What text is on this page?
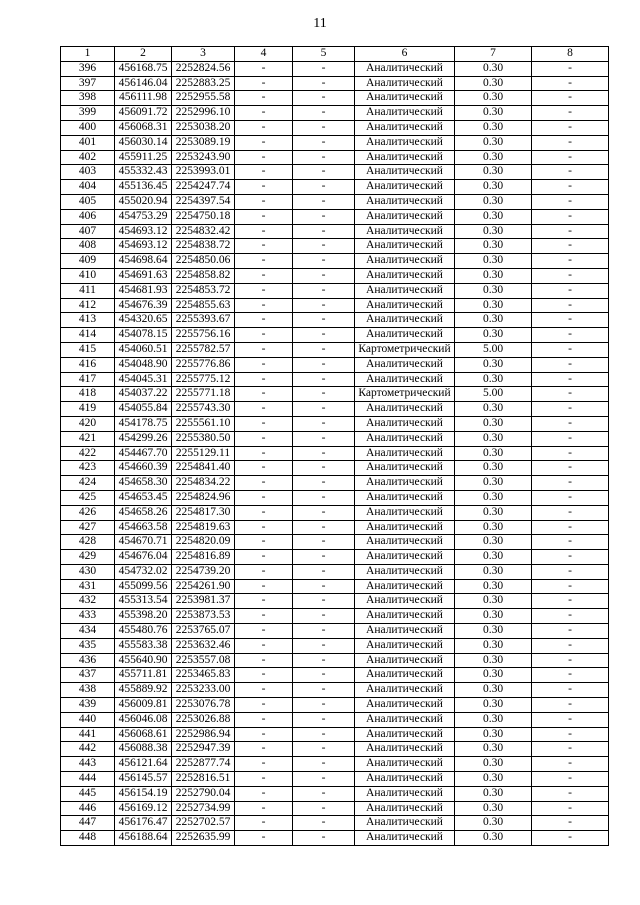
11
1	2	3	4	5	6	7	8
396	456168.75	2252824.56	-	-	Аналитический	0.30	-
397	456146.04	2252883.25	-	-	Аналитический	0.30	-
398	456111.98	2252955.58	-	-	Аналитический	0.30	-
399	456091.72	2252996.10	-	-	Аналитический	0.30	-
400	456068.31	2253038.20	-	-	Аналитический	0.30	-
401	456030.14	2253089.19	-	-	Аналитический	0.30	-
402	455911.25	2253243.90	-	-	Аналитический	0.30	-
403	455332.43	2253993.01	-	-	Аналитический	0.30	-
404	455136.45	2254247.74	-	-	Аналитический	0.30	-
405	455020.94	2254397.54	-	-	Аналитический	0.30	-
406	454753.29	2254750.18	-	-	Аналитический	0.30	-
407	454693.12	2254832.42	-	-	Аналитический	0.30	-
408	454693.12	2254838.72	-	-	Аналитический	0.30	-
409	454698.64	2254850.06	-	-	Аналитический	0.30	-
410	454691.63	2254858.82	-	-	Аналитический	0.30	-
411	454681.93	2254853.72	-	-	Аналитический	0.30	-
412	454676.39	2254855.63	-	-	Аналитический	0.30	-
413	454320.65	2255393.67	-	-	Аналитический	0.30	-
414	454078.15	2255756.16	-	-	Аналитический	0.30	-
415	454060.51	2255782.57	-	-	Картометрический	5.00	-
416	454048.90	2255776.86	-	-	Аналитический	0.30	-
417	454045.31	2255775.12	-	-	Аналитический	0.30	-
418	454037.22	2255771.18	-	-	Картометрический	5.00	-
419	454055.84	2255743.30	-	-	Аналитический	0.30	-
420	454178.75	2255561.10	-	-	Аналитический	0.30	-
421	454299.26	2255380.50	-	-	Аналитический	0.30	-
422	454467.70	2255129.11	-	-	Аналитический	0.30	-
423	454660.39	2254841.40	-	-	Аналитический	0.30	-
424	454658.30	2254834.22	-	-	Аналитический	0.30	-
425	454653.45	2254824.96	-	-	Аналитический	0.30	-
426	454658.26	2254817.30	-	-	Аналитический	0.30	-
427	454663.58	2254819.63	-	-	Аналитический	0.30	-
428	454670.71	2254820.09	-	-	Аналитический	0.30	-
429	454676.04	2254816.89	-	-	Аналитический	0.30	-
430	454732.02	2254739.20	-	-	Аналитический	0.30	-
431	455099.56	2254261.90	-	-	Аналитический	0.30	-
432	455313.54	2253981.37	-	-	Аналитический	0.30	-
433	455398.20	2253873.53	-	-	Аналитический	0.30	-
434	455480.76	2253765.07	-	-	Аналитический	0.30	-
435	455583.38	2253632.46	-	-	Аналитический	0.30	-
436	455640.90	2253557.08	-	-	Аналитический	0.30	-
437	455711.81	2253465.83	-	-	Аналитический	0.30	-
438	455889.92	2253233.00	-	-	Аналитический	0.30	-
439	456009.81	2253076.78	-	-	Аналитический	0.30	-
440	456046.08	2253026.88	-	-	Аналитический	0.30	-
441	456068.61	2252986.94	-	-	Аналитический	0.30	-
442	456088.38	2252947.39	-	-	Аналитический	0.30	-
443	456121.64	2252877.74	-	-	Аналитический	0.30	-
444	456145.57	2252816.51	-	-	Аналитический	0.30	-
445	456154.19	2252790.04	-	-	Аналитический	0.30	-
446	456169.12	2252734.99	-	-	Аналитический	0.30	-
447	456176.47	2252702.57	-	-	Аналитический	0.30	-
448	456188.64	2252635.99	-	-	Аналитический	0.30	-
